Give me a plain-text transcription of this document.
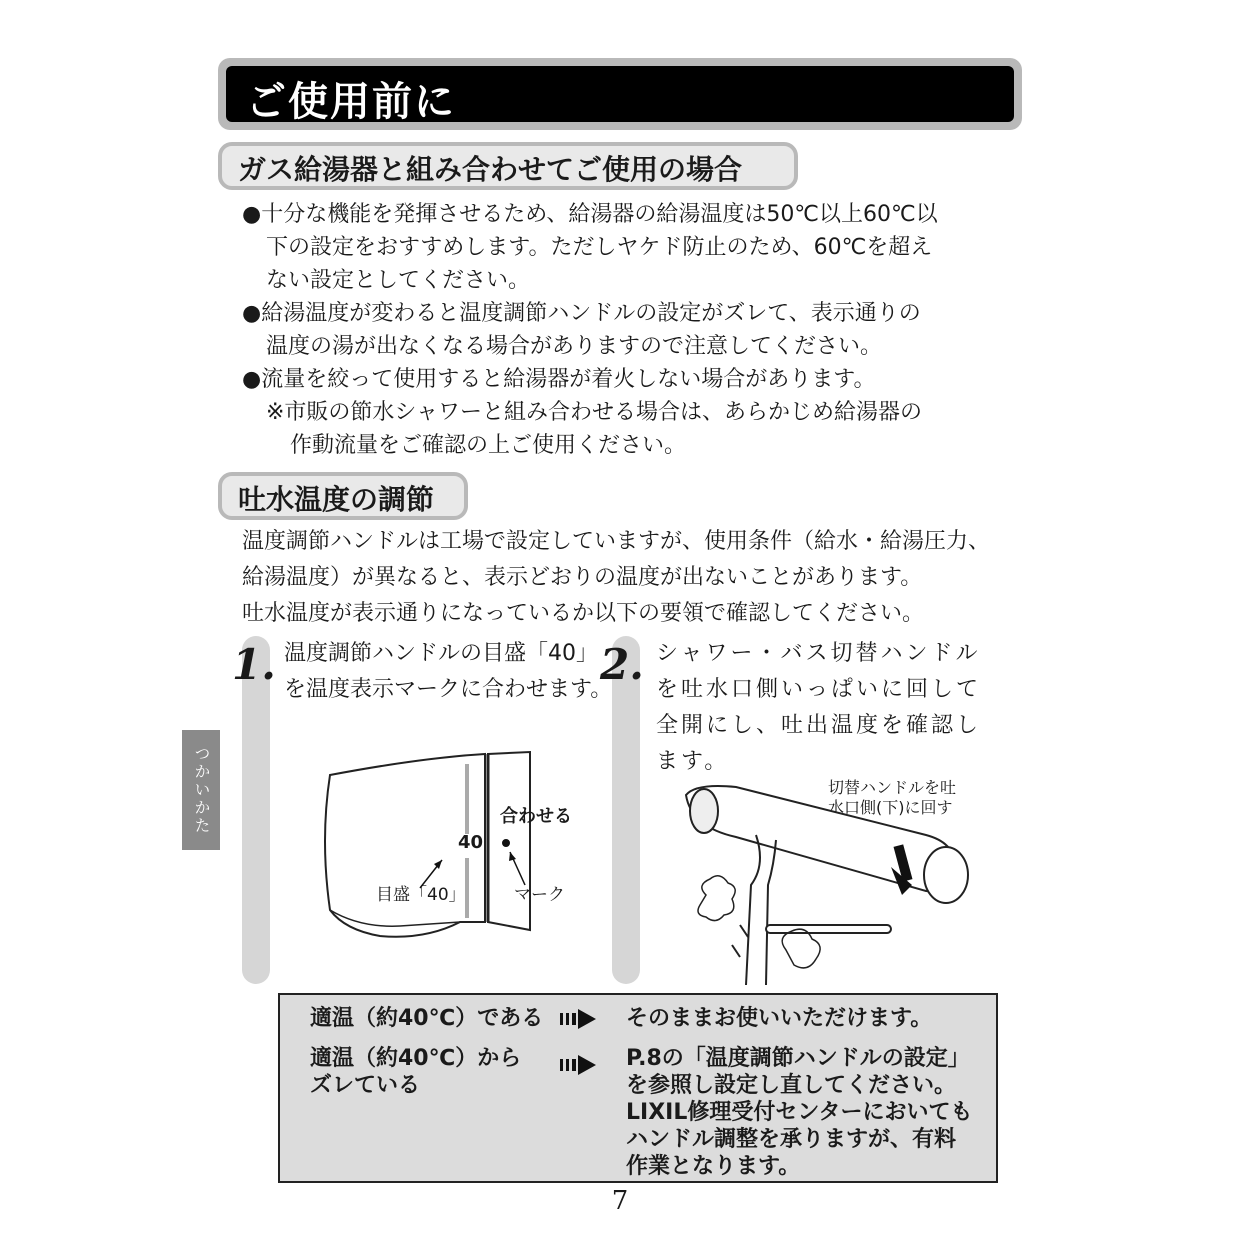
ご使用前に
ガス給湯器と組み合わせてご使用の場合
●十分な機能を発揮させるため、給湯器の給湯温度は50℃以上60℃以
下の設定をおすすめします。ただしヤケド防止のため、60℃を超え
ない設定としてください。
●給湯温度が変わると温度調節ハンドルの設定がズレて、表示通りの
温度の湯が出なくなる場合がありますので注意してください。
●流量を絞って使用すると給湯器が着火しない場合があります。
※市販の節水シャワーと組み合わせる場合は、あらかじめ給湯器の
作動流量をご確認の上ご使用ください。
吐水温度の調節
温度調節ハンドルは工場で設定していますが、使用条件（給水・給湯圧力、
給湯温度）が異なると、表示どおりの温度が出ないことがあります。
吐水温度が表示通りになっているか以下の要領で確認してください。
1. 温度調節ハンドルの目盛「40」
を温度表示マークに合わせます。
合わせる
40
目盛「40」	マーク
2. シャワー・バス切替ハンドル
を吐水口側いっぱいに回して
全開にし、吐出温度を確認し
ます。
切替ハンドルを吐
水口側(下)に回す
つかいかた
適温（約40℃）である	そのままお使いいただけます。
適温（約40℃）から
ズレている
P.8の「温度調節ハンドルの設定」
を参照し設定し直してください。
LIXIL修理受付センターにおいても
ハンドル調整を承りますが、有料
作業となります。
7
